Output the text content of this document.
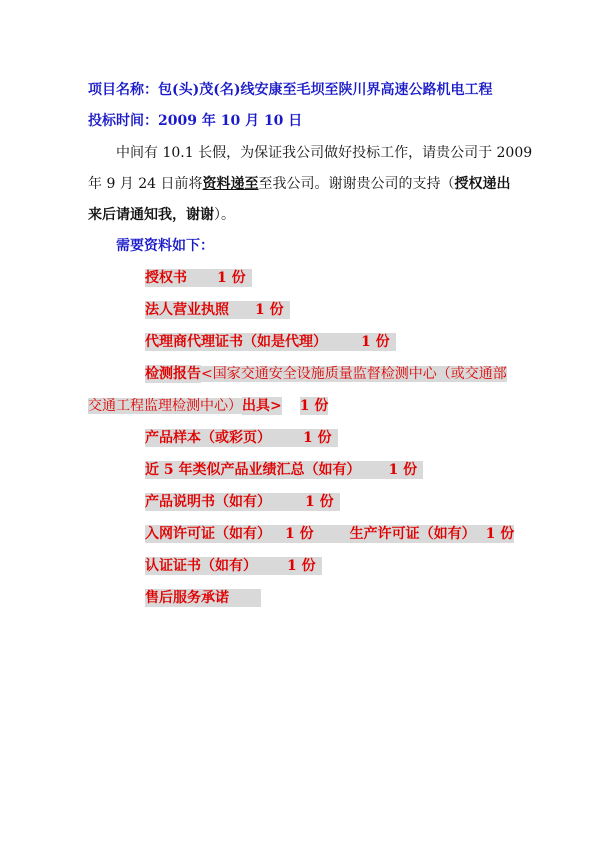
项目名称：包(头)茂(名)线安康至毛坝至陕川界高速公路机电工程
投标时间：2009 年 10 月 10 日
中间有 10.1 长假，为保证我公司做好投标工作，请贵公司于 2009
年 9 月 24 日前将资料递至至我公司。谢谢贵公司的支持（授权递出
来后请通知我，谢谢）。
需要资料如下：
授权书 1 份
法人营业执照 1 份
代理商代理证书（如是代理） 1 份
检测报告<国家交通安全设施质量监督检测中心（或交通部
交通工程监理检测中心）出具> 1 份
产品样本（或彩页） 1 份
近 5 年类似产品业绩汇总（如有） 1 份
产品说明书（如有） 1 份
入网许可证（如有） 1 份	生产许可证（如有） 1 份
认证证书（如有） 1 份
售后服务承诺
